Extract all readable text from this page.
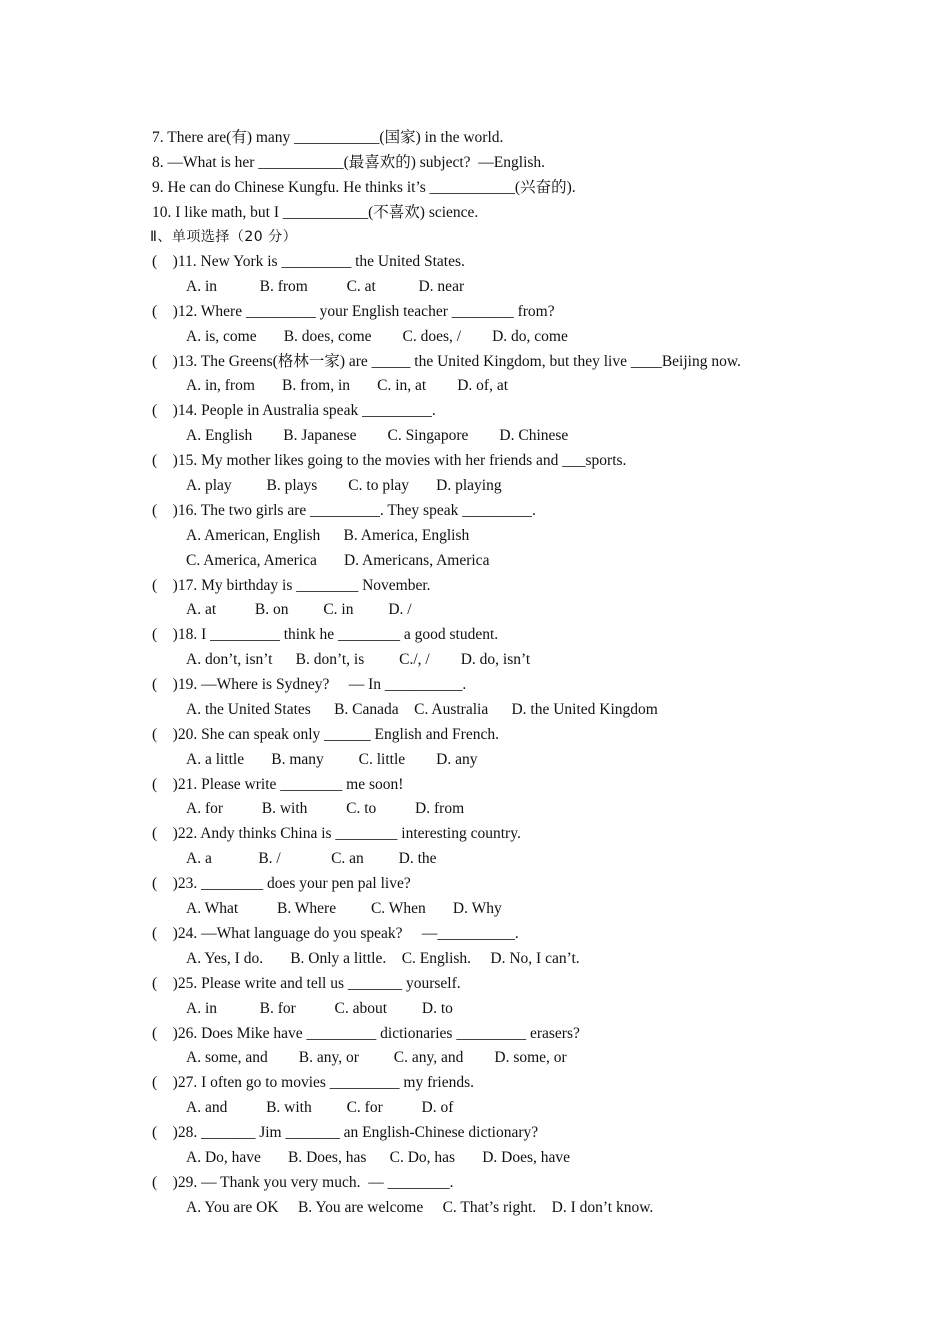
7. There are(有) many ___________(国家) in the world.
8. —What is her ___________(最喜欢的) subject?  —English.
9. He can do Chinese Kungfu. He thinks it’s ___________(兴奋的).
10. I like math, but I ___________(不喜欢) science.
Ⅱ、单项选择（20 分）
(    )11. New York is _________ the United States.
A. in           B. from          C. at           D. near
(    )12. Where _________ your English teacher ________ from?
A. is, come       B. does, come        C. does, /        D. do, come
(    )13. The Greens(格林一家) are _____ the United Kingdom, but they live ____Beijing now.
A. in, from       B. from, in       C. in, at        D. of, at
(    )14. People in Australia speak _________.
A. English        B. Japanese        C. Singapore        D. Chinese
(    )15. My mother likes going to the movies with her friends and ___sports.
A. play         B. plays        C. to play       D. playing
(    )16. The two girls are _________. They speak _________.
A. American, English      B. America, English
C. America, America       D. Americans, America
(    )17. My birthday is ________ November.
A. at          B. on         C. in         D. /
(    )18. I _________ think he ________ a good student.
A. don’t, isn’t      B. don’t, is         C./, /        D. do, isn’t
(    )19. —Where is Sydney?     — In __________.
A. the United States      B. Canada    C. Australia      D. the United Kingdom
(    )20. She can speak only ______ English and French.
A. a little       B. many         C. little        D. any
(    )21. Please write ________ me soon!
A. for          B. with          C. to          D. from
(    )22. Andy thinks China is ________ interesting country.
A. a            B. /             C. an         D. the
(    )23. ________ does your pen pal live?
A. What          B. Where         C. When       D. Why
(    )24. —What language do you speak?     —__________.
A. Yes, I do.       B. Only a little.    C. English.     D. No, I can’t.
(    )25. Please write and tell us _______ yourself.
A. in           B. for          C. about         D. to
(    )26. Does Mike have _________ dictionaries _________ erasers?
A. some, and        B. any, or         C. any, and        D. some, or
(    )27. I often go to movies _________ my friends.
A. and          B. with         C. for          D. of
(    )28. _______ Jim _______ an English-Chinese dictionary?
A. Do, have       B. Does, has      C. Do, has       D. Does, have
(    )29. — Thank you very much.  — ________.
A. You are OK     B. You are welcome     C. That’s right.    D. I don’t know.
